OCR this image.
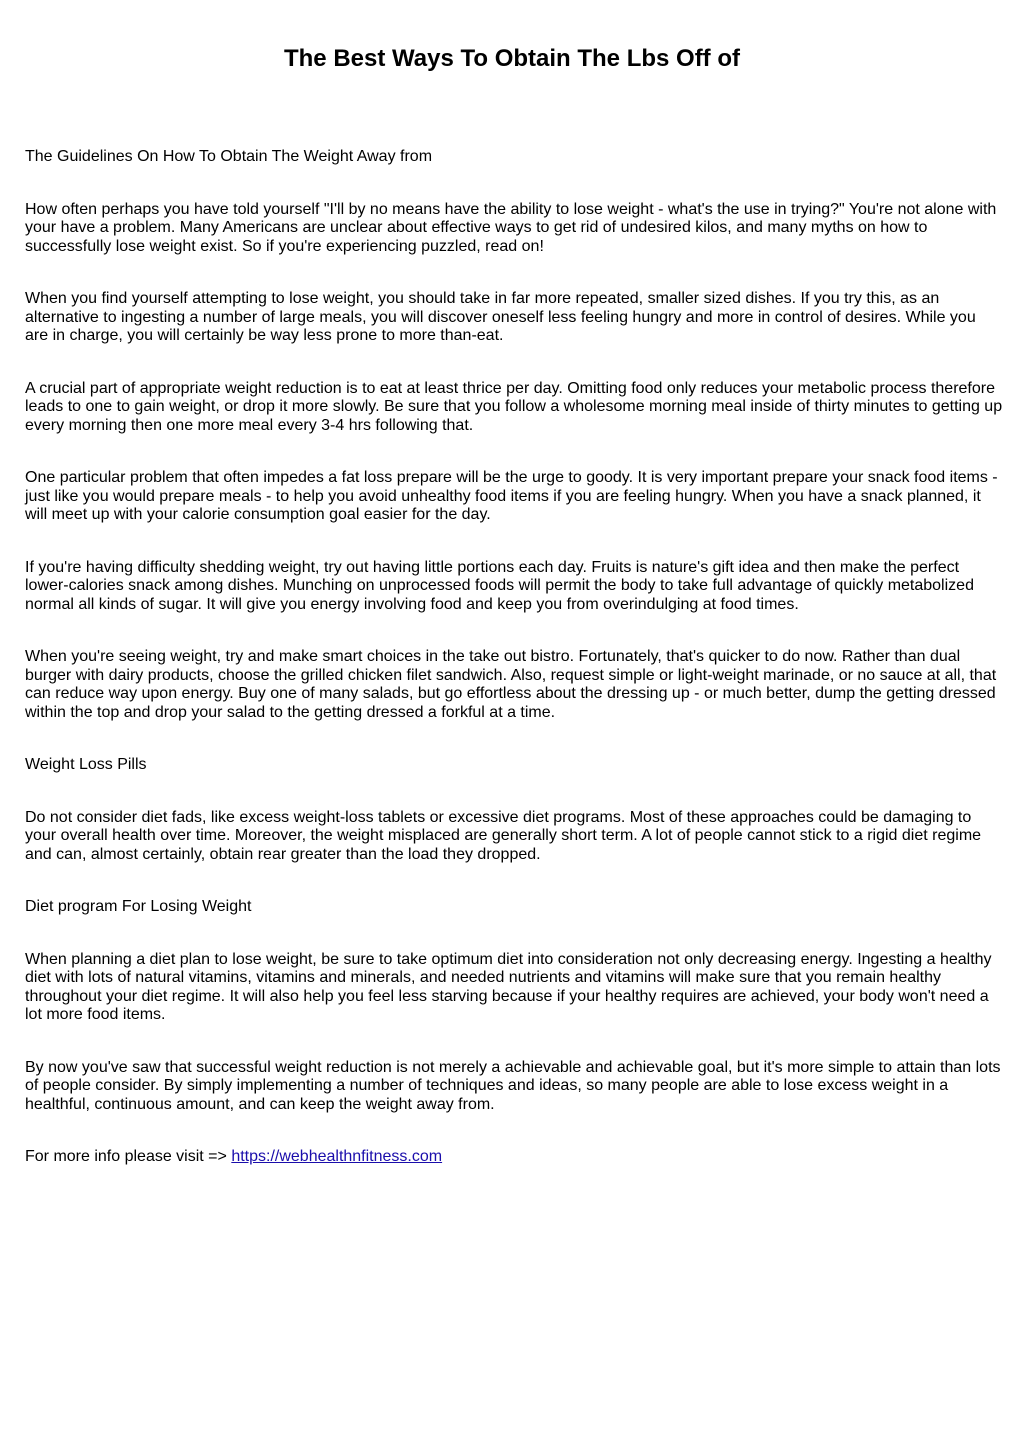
The Best Ways To Obtain The Lbs Off of
The Guidelines On How To Obtain The Weight Away from
How often perhaps you have told yourself "I'll by no means have the ability to lose weight - what's the use in trying?" You're not alone with your have a problem. Many Americans are unclear about effective ways to get rid of undesired kilos, and many myths on how to successfully lose weight exist. So if you're experiencing puzzled, read on!
When you find yourself attempting to lose weight, you should take in far more repeated, smaller sized dishes. If you try this, as an alternative to ingesting a number of large meals, you will discover oneself less feeling hungry and more in control of desires. While you are in charge, you will certainly be way less prone to more than-eat.
A crucial part of appropriate weight reduction is to eat at least thrice per day. Omitting food only reduces your metabolic process therefore leads to one to gain weight, or drop it more slowly. Be sure that you follow a wholesome morning meal inside of thirty minutes to getting up every morning then one more meal every 3-4 hrs following that.
One particular problem that often impedes a fat loss prepare will be the urge to goody. It is very important prepare your snack food items - just like you would prepare meals - to help you avoid unhealthy food items if you are feeling hungry. When you have a snack planned, it will meet up with your calorie consumption goal easier for the day.
If you're having difficulty shedding weight, try out having little portions each day. Fruits is nature's gift idea and then make the perfect lower-calories snack among dishes. Munching on unprocessed foods will permit the body to take full advantage of quickly metabolized normal all kinds of sugar. It will give you energy involving food and keep you from overindulging at food times.
When you're seeing weight, try and make smart choices in the take out bistro. Fortunately, that's quicker to do now. Rather than dual burger with dairy products, choose the grilled chicken filet sandwich. Also, request simple or light-weight marinade, or no sauce at all, that can reduce way upon energy. Buy one of many salads, but go effortless about the dressing up - or much better, dump the getting dressed within the top and drop your salad to the getting dressed a forkful at a time.
Weight Loss Pills
Do not consider diet fads, like excess weight-loss tablets or excessive diet programs. Most of these approaches could be damaging to your overall health over time. Moreover, the weight misplaced are generally short term. A lot of people cannot stick to a rigid diet regime and can, almost certainly, obtain rear greater than the load they dropped.
Diet program For Losing Weight
When planning a diet plan to lose weight, be sure to take optimum diet into consideration not only decreasing energy. Ingesting a healthy diet with lots of natural vitamins, vitamins and minerals, and needed nutrients and vitamins will make sure that you remain healthy throughout your diet regime. It will also help you feel less starving because if your healthy requires are achieved, your body won't need a lot more food items.
By now you've saw that successful weight reduction is not merely a achievable and achievable goal, but it's more simple to attain than lots of people consider. By simply implementing a number of techniques and ideas, so many people are able to lose excess weight in a healthful, continuous amount, and can keep the weight away from.
For more info please visit => https://webhealthnfitness.com
